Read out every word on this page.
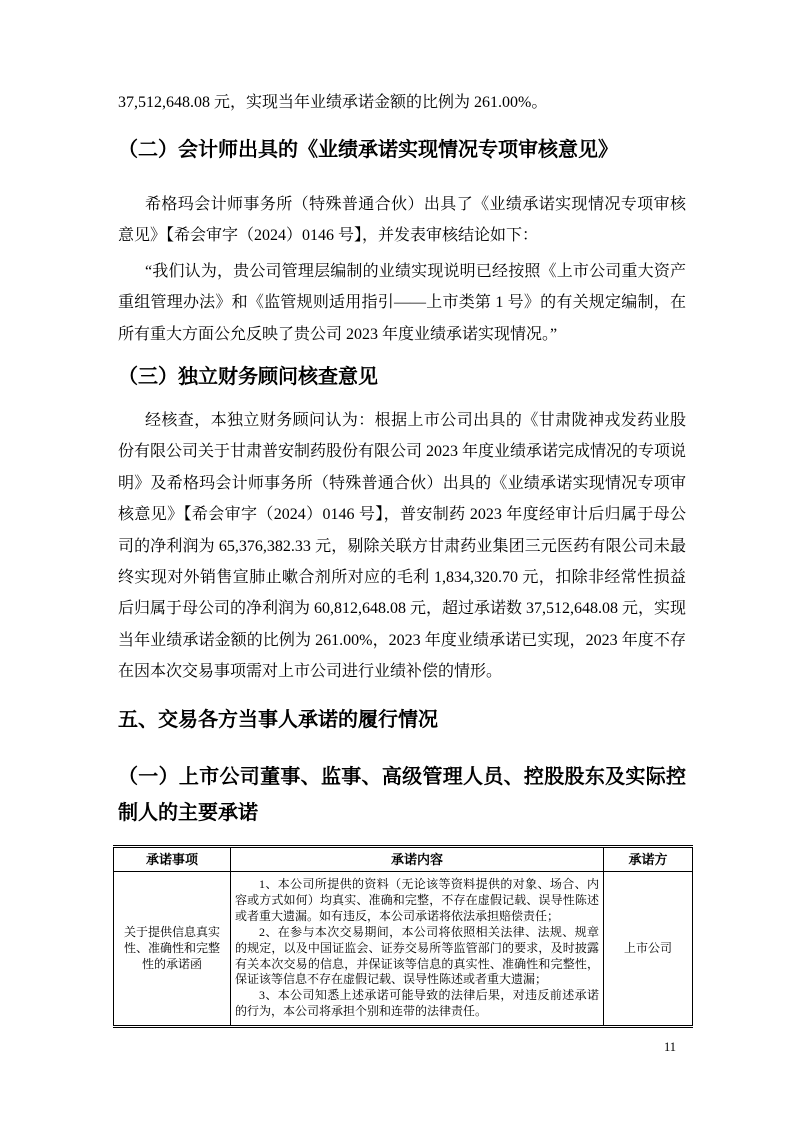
37,512,648.08 元，实现当年业绩承诺金额的比例为 261.00%。

（二）会计师出具的《业绩承诺实现情况专项审核意见》

希格玛会计师事务所（特殊普通合伙）出具了《业绩承诺实现情况专项审核意见》【希会审字（2024）0146 号】，并发表审核结论如下：

“我们认为，贵公司管理层编制的业绩实现说明已经按照《上市公司重大资产重组管理办法》和《监管规则适用指引——上市类第 1 号》的有关规定编制，在所有重大方面公允反映了贵公司 2023 年度业绩承诺实现情况。”

（三）独立财务顾问核查意见

经核查，本独立财务顾问认为：根据上市公司出具的《甘肃陇神戎发药业股份有限公司关于甘肃普安制药股份有限公司 2023 年度业绩承诺完成情况的专项说明》及希格玛会计师事务所（特殊普通合伙）出具的《业绩承诺实现情况专项审核意见》【希会审字（2024）0146 号】，普安制药 2023 年度经审计后归属于母公司的净利润为 65,376,382.33 元，剔除关联方甘肃药业集团三元医药有限公司未最终实现对外销售宣肺止嗽合剂所对应的毛利 1,834,320.70 元，扣除非经常性损益后归属于母公司的净利润为 60,812,648.08 元，超过承诺数 37,512,648.08 元，实现当年业绩承诺金额的比例为 261.00%，2023 年度业绩承诺已实现，2023 年度不存在因本次交易事项需对上市公司进行业绩补偿的情形。

五、交易各方当事人承诺的履行情况
（一）上市公司董事、监事、高级管理人员、控股股东及实际控制人的主要承诺
承诺事项	承诺内容	承诺方
关于提供信息真实性、准确性和完整性的承诺函	1、本公司所提供的资料（无论该等资料提供的对象、场合、内容或方式如何）均真实、准确和完整，不存在虚假记载、误导性陈述或者重大遗漏。如有违反，本公司承诺将依法承担赔偿责任；

2、在参与本次交易期间，本公司将依照相关法律、法规、规章的规定，以及中国证监会、证券交易所等监管部门的要求，及时披露有关本次交易的信息，并保证该等信息的真实性、准确性和完整性，保证该等信息不存在虚假记载、误导性陈述或者重大遗漏；

3、本公司知悉上述承诺可能导致的法律后果，对违反前述承诺的行为，本公司将承担个别和连带的法律责任。	上市公司
11
